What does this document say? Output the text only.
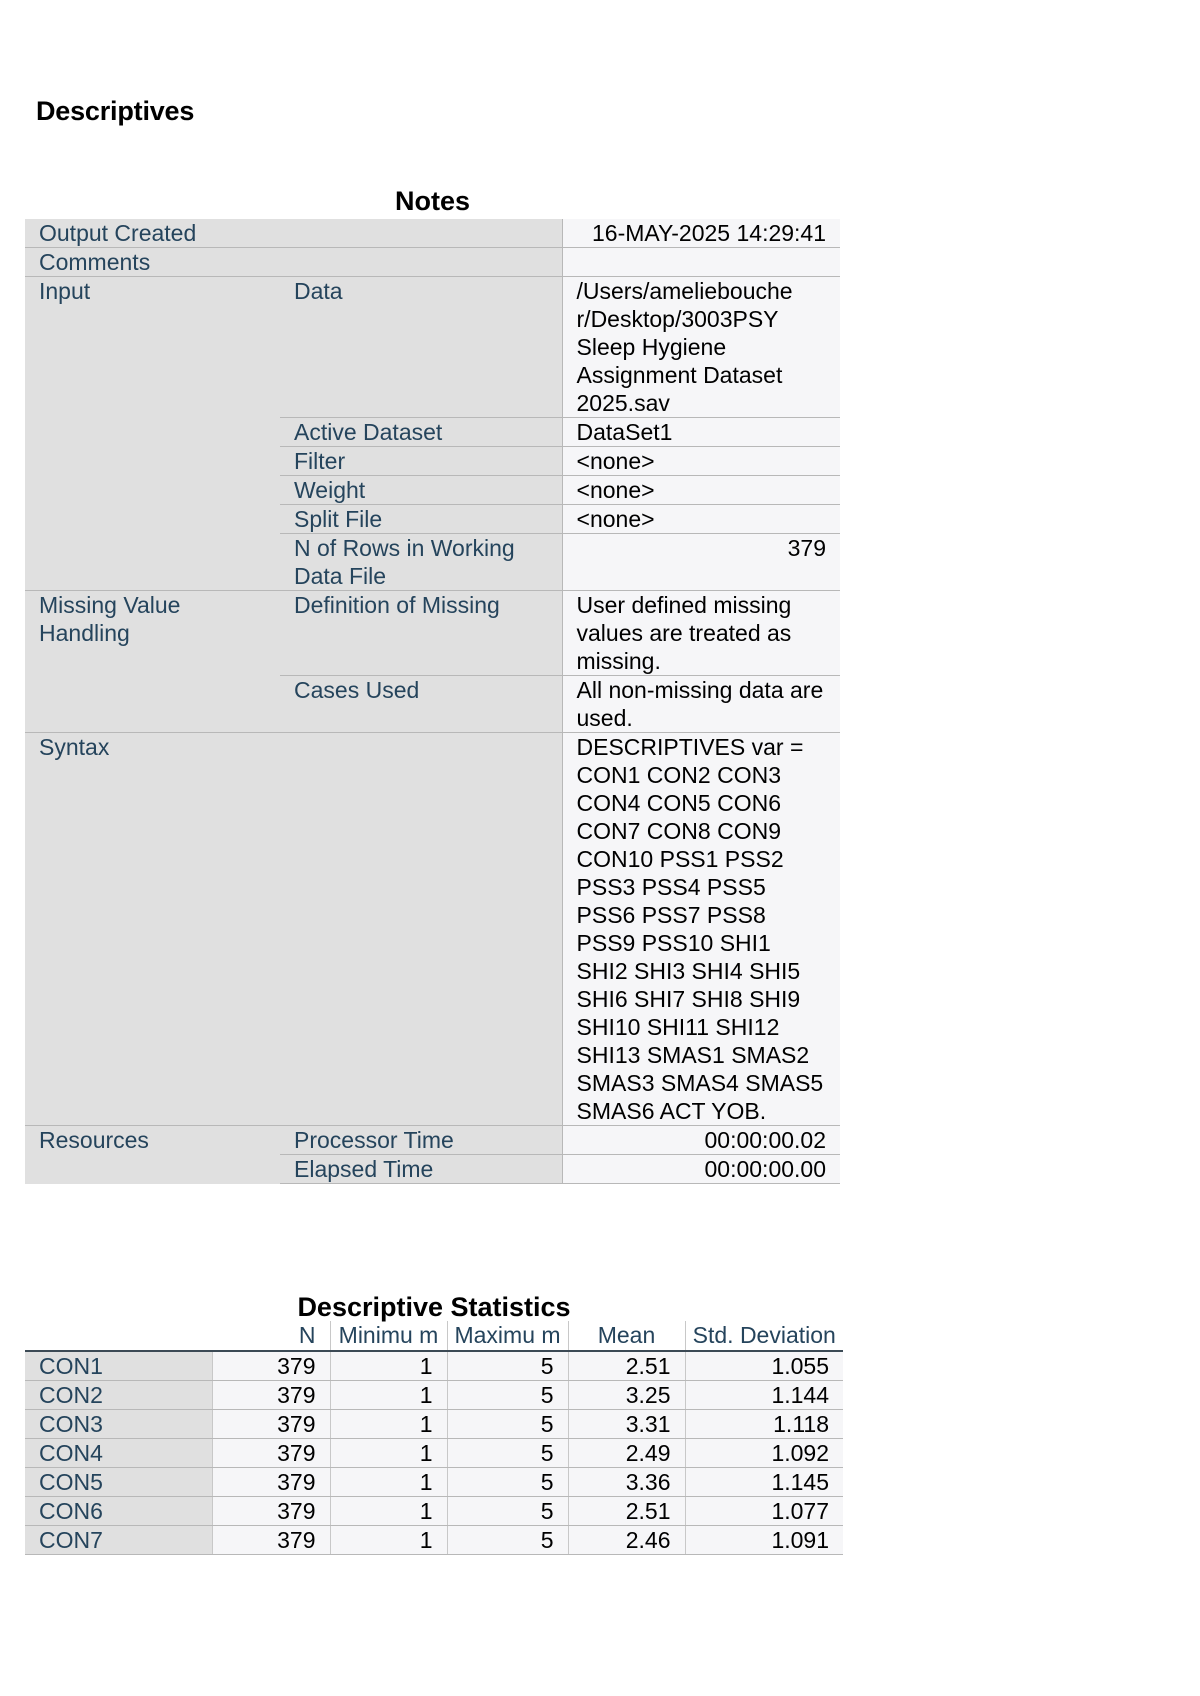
Descriptives
Notes
Output Created		16-MAY-2025 14:29:41
Comments		
Input	Data	/Users/ameliebouche r/Desktop/3003PSY Sleep Hygiene Assignment Dataset 2025.sav
	Active Dataset	DataSet1
	Filter	<none>
	Weight	<none>
	Split File	<none>
	N of Rows in Working Data File	379
Missing Value Handling	Definition of Missing	User defined missing values are treated as missing.
	Cases Used	All non-missing data are used.
Syntax		DESCRIPTIVES var = CON1 CON2 CON3 CON4 CON5 CON6 CON7 CON8 CON9 CON10 PSS1 PSS2 PSS3 PSS4 PSS5 PSS6 PSS7 PSS8 PSS9 PSS10 SHI1 SHI2 SHI3 SHI4 SHI5 SHI6 SHI7 SHI8 SHI9 SHI10 SHI11 SHI12 SHI13 SMAS1 SMAS2 SMAS3 SMAS4 SMAS5 SMAS6 ACT YOB.
Resources	Processor Time	00:00:00.02
	Elapsed Time	00:00:00.00
Descriptive Statistics
	N	Minimu m	Maximu m	Mean	Std. Deviation
CON1	379	1	5	2.51	1.055
CON2	379	1	5	3.25	1.144
CON3	379	1	5	3.31	1.118
CON4	379	1	5	2.49	1.092
CON5	379	1	5	3.36	1.145
CON6	379	1	5	2.51	1.077
CON7	379	1	5	2.46	1.091
